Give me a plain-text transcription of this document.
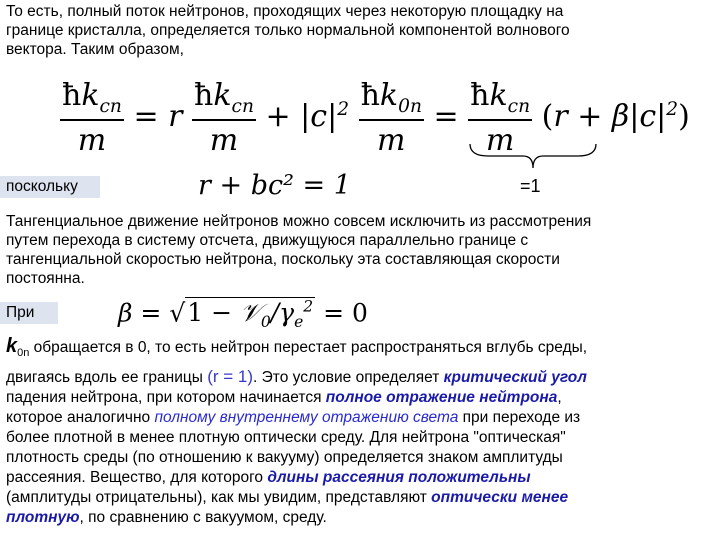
То есть, полный поток нейтронов, проходящих через некоторую площадку на
границе кристалла, определяется только нормальной компонентой волнового
вектора. Таким образом,
$\frac{ħk_{cn}}{m} = r \frac{ħk_{cn}}{m} + |c|^2 \frac{ħk_{0n}}{m} = \frac{ħk_{cn}}{m} (r + \beta|c|^2)$
=1
поскольку	r + bc² = 1
Тангенциальное движение нейтронов можно совсем исключить из рассмотрения
путем перехода в систему отсчета, движущуюся параллельно границе с
тангенциальной скоростью нейтрона, поскольку эта составляющая скорости
постоянна.
При	$\beta = √1 - 𝒱_0/\gamma_e^2 = 0$
$k_{0n}$ обращается в 0, то есть нейтрон перестает распространяться вглубь среды,
двигаясь вдоль ее границы (r = 1). Это условие определяет критический угол
падения нейтрона, при котором начинается полное отражение нейтрона,
которое аналогично полному внутреннему отражению света при переходе из
более плотной в менее плотную оптически среду. Для нейтрона "оптическая"
плотность среды (по отношению к вакууму) определяется знаком амплитуды
рассеяния. Вещество, для которого длины рассеяния положительны
(амплитуды отрицательны), как мы увидим, представляют оптически менее
плотную, по сравнению с вакуумом, среду.
